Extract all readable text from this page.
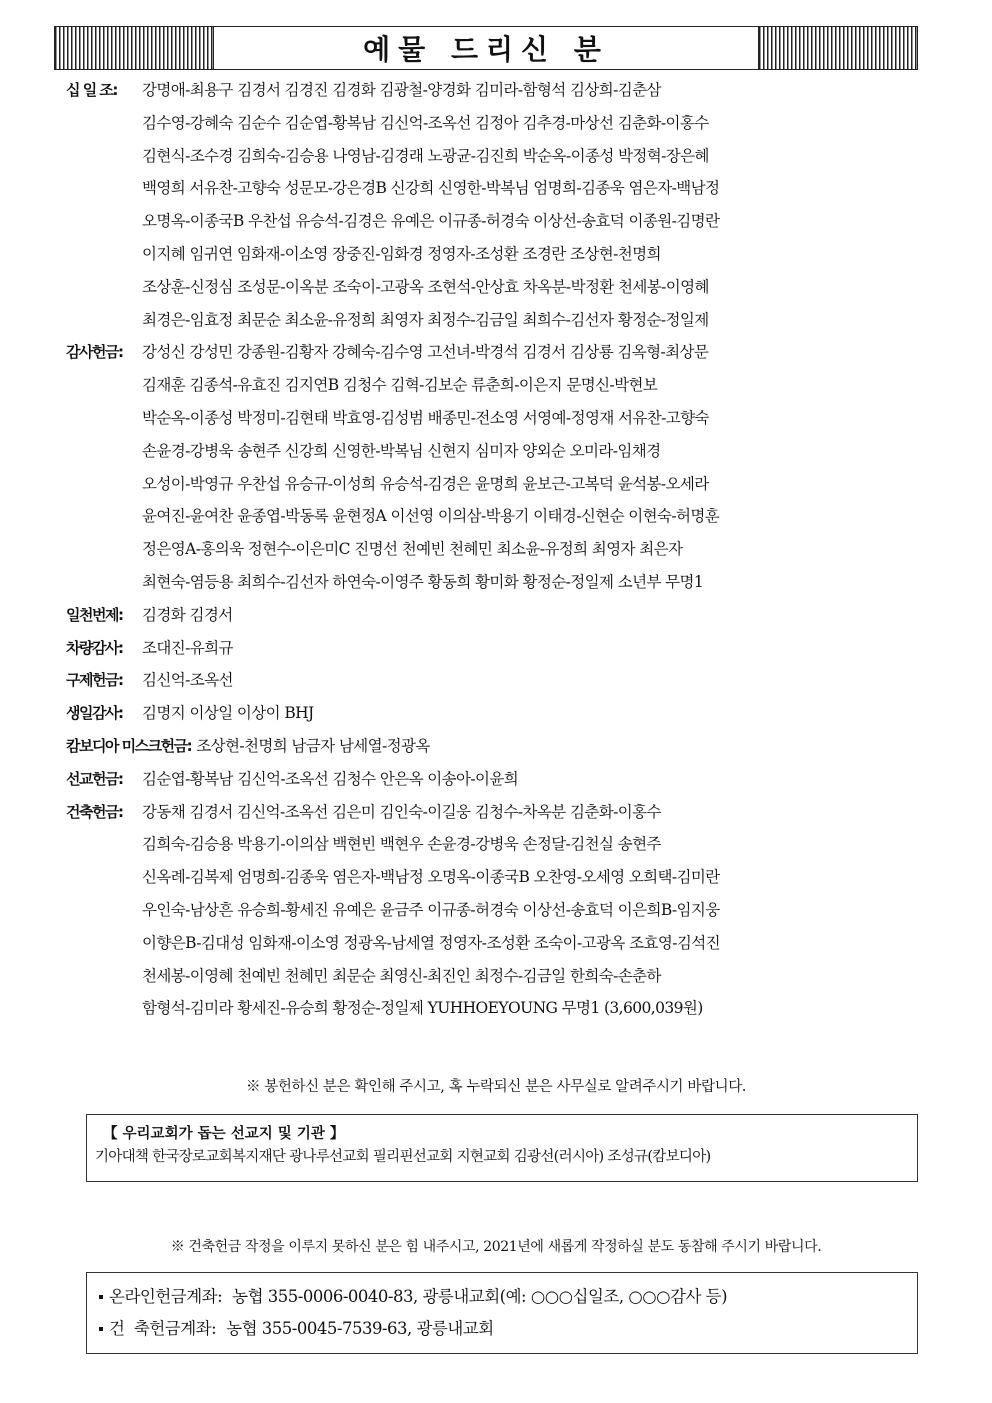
예물 드리신 분
십 일 조:	강명애-최용구 김경서 김경진 김경화 김광철-양경화 김미라-함형석 김상희-김춘삼
김수영-강혜숙 김순수 김순엽-황복남 김신억-조옥선 김정아 김추경-마상선 김춘화-이홍수
김현식-조수경 김희숙-김승용 나영남-김경래 노광균-김진희 박순옥-이종성 박정혁-장은혜
백영희 서유찬-고향숙 성문모-강은경B 신강희 신영한-박복님 엄명희-김종욱 염은자-백남정
오명옥-이종국B 우찬섭 유승석-김경은 유예은 이규종-허경숙 이상선-송효덕 이종원-김명란
이지혜 임귀연 임화재-이소영 장중진-임화경 정영자-조성환 조경란 조상현-천명희
조상훈-신정심 조성문-이옥분 조숙이-고광옥 조현석-안상효 차옥분-박정환 천세봉-이영혜
최경은-임효정 최문순 최소윤-유정희 최영자 최정수-김금일 최희수-김선자 황정순-정일제
감사헌금:	강성신 강성민 강종원-김황자 강혜숙-김수영 고선녀-박경석 김경서 김상룡 김옥형-최상문
김재훈 김종석-유효진 김지연B 김청수 김혁-김보순 류춘희-이은지 문명신-박현보
박순옥-이종성 박정미-김현태 박효영-김성범 배종민-전소영 서영예-정영재 서유찬-고향숙
손윤경-강병욱 송현주 신강희 신영한-박복님 신현지 심미자 양외순 오미라-임채경
오성이-박영규 우찬섭 유승규-이성희 유승석-김경은 윤명희 윤보근-고복덕 윤석봉-오세라
윤여진-윤여찬 윤종엽-박동록 윤현정A 이선영 이의삼-박용기 이태경-신현순 이현숙-허명훈
정은영A-홍의욱 정현수-이은미C 진명선 천예빈 천혜민 최소윤-유정희 최영자 최은자
최현숙-염등용 최희수-김선자 하연숙-이영주 황동희 황미화 황정순-정일제 소년부 무명1
일천번제:	김경화 김경서
차량감사:	조대진-유희규
구제헌금:	김신억-조옥선
생일감사:	김명지 이상일 이상이 BHJ
캄보디아 미스크헌금: 조상현-천명희 남금자 남세열-정광옥
선교헌금:	김순엽-황복남 김신억-조옥선 김청수 안은옥 이송아-이윤희
건축헌금:	강동채 김경서 김신억-조옥선 김은미 김인숙-이길웅 김청수-차옥분 김춘화-이홍수
김희숙-김승용 박용기-이의삼 백현빈 백현우 손윤경-강병욱 손정달-김천실 송현주
신옥례-김복제 엄명희-김종욱 염은자-백남정 오명옥-이종국B 오찬영-오세영 오희택-김미란
우인숙-남상흔 유승희-황세진 유예은 윤금주 이규종-허경숙 이상선-송효덕 이은희B-임지웅
이향은B-김대성 임화재-이소영 정광옥-남세열 정영자-조성환 조숙이-고광옥 조효영-김석진
천세봉-이영혜 천예빈 천혜민 최문순 최영신-최진인 최정수-김금일 한희숙-손춘하
함형석-김미라 황세진-유승희 황정순-정일제 YUHHOEYOUNG 무명1 (3,600,039원)
※ 봉헌하신 분은 확인해 주시고, 혹 누락되신 분은 사무실로 알려주시기 바랍니다.
【 우리교회가 돕는 선교지 및 기관 】
기아대책 한국장로교회복지재단 광나루선교회 필리핀선교회 지현교회 김광선(러시아) 조성규(캄보디아)
※ 건축헌금 작정을 이루지 못하신 분은 힘 내주시고, 2021년에 새롭게 작정하실 분도 동참해 주시기 바랍니다.
온라인헌금계좌: 농협 355-0006-0040-83, 광릉내교회(예: ○○○십일조, ○○○감사 등)
건  축헌금계좌: 농협 355-0045-7539-63, 광릉내교회
